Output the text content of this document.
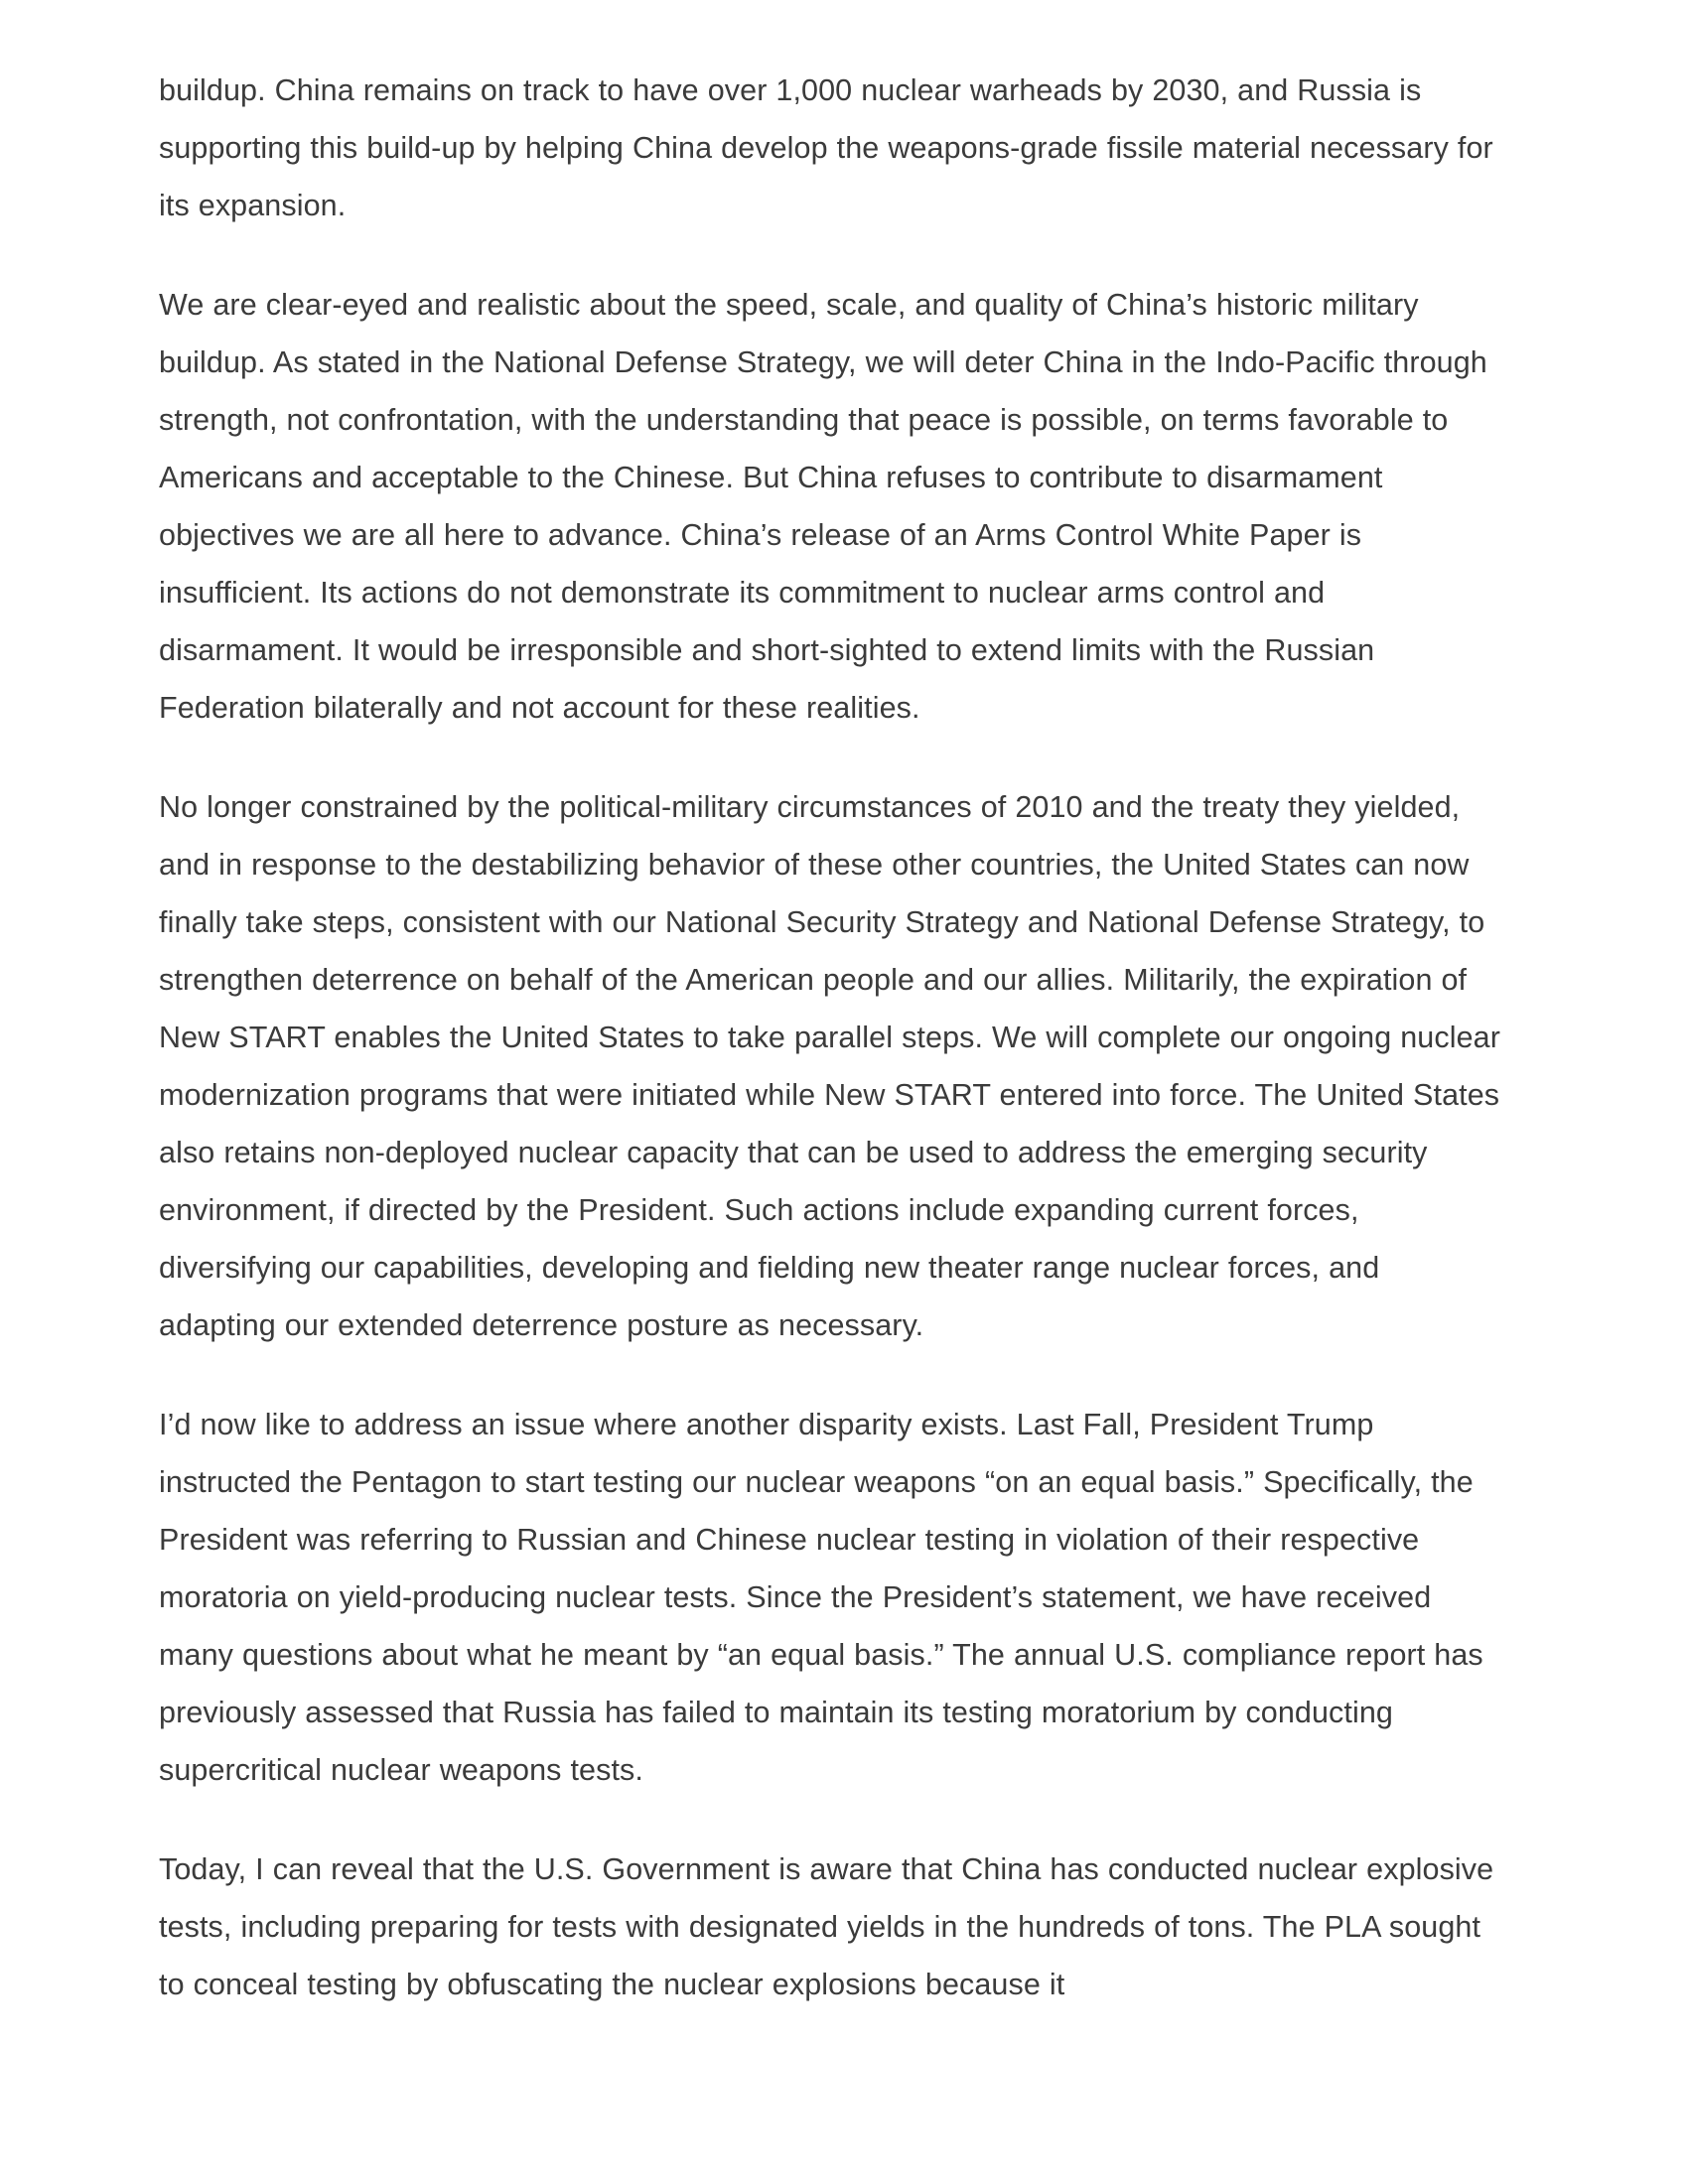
buildup. China remains on track to have over 1,000 nuclear warheads by 2030, and Russia is supporting this build-up by helping China develop the weapons-grade fissile material necessary for its expansion.

We are clear-eyed and realistic about the speed, scale, and quality of China’s historic military buildup. As stated in the National Defense Strategy, we will deter China in the Indo-Pacific through strength, not confrontation, with the understanding that peace is possible, on terms favorable to Americans and acceptable to the Chinese. But China refuses to contribute to disarmament objectives we are all here to advance. China’s release of an Arms Control White Paper is insufficient. Its actions do not demonstrate its commitment to nuclear arms control and disarmament. It would be irresponsible and short-sighted to extend limits with the Russian Federation bilaterally and not account for these realities.

No longer constrained by the political-military circumstances of 2010 and the treaty they yielded, and in response to the destabilizing behavior of these other countries, the United States can now finally take steps, consistent with our National Security Strategy and National Defense Strategy, to strengthen deterrence on behalf of the American people and our allies. Militarily, the expiration of New START enables the United States to take parallel steps. We will complete our ongoing nuclear modernization programs that were initiated while New START entered into force. The United States also retains non-deployed nuclear capacity that can be used to address the emerging security environment, if directed by the President. Such actions include expanding current forces, diversifying our capabilities, developing and fielding new theater range nuclear forces, and adapting our extended deterrence posture as necessary.

I’d now like to address an issue where another disparity exists. Last Fall, President Trump instructed the Pentagon to start testing our nuclear weapons “on an equal basis.” Specifically, the President was referring to Russian and Chinese nuclear testing in violation of their respective moratoria on yield-producing nuclear tests. Since the President’s statement, we have received many questions about what he meant by “an equal basis.” The annual U.S. compliance report has previously assessed that Russia has failed to maintain its testing moratorium by conducting supercritical nuclear weapons tests.

Today, I can reveal that the U.S. Government is aware that China has conducted nuclear explosive tests, including preparing for tests with designated yields in the hundreds of tons. The PLA sought to conceal testing by obfuscating the nuclear explosions because it
